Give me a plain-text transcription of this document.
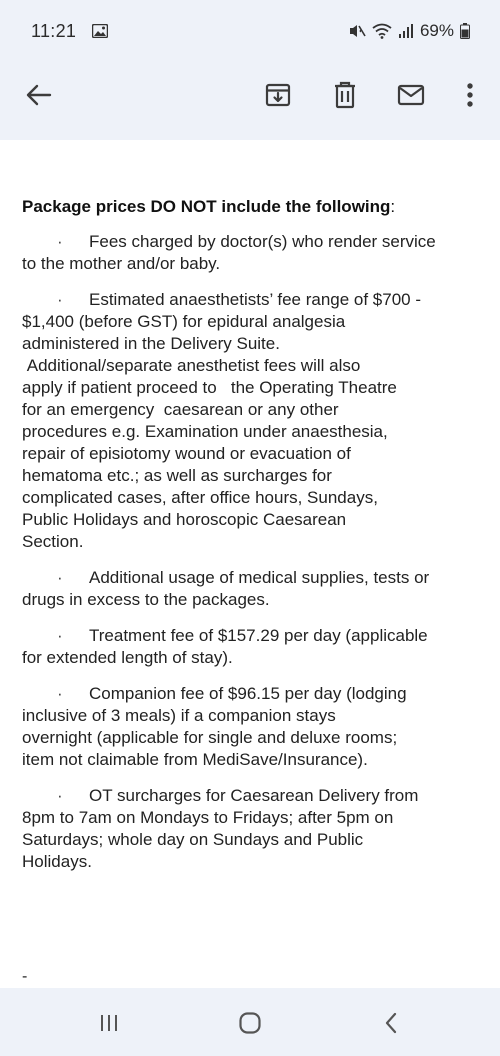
11:21	69%
Package prices DO NOT include the following:
·	Fees charged by doctor(s) who render service

to the mother and/or baby.

·	Estimated anaesthetists’ fee range of $700 -

$1,400 (before GST) for epidural analgesia
administered in the Delivery Suite.
Additional/separate anesthetist fees will also
apply if patient proceed to   the Operating Theatre
for an emergency  caesarean or any other
procedures e.g. Examination under anaesthesia,
repair of episiotomy wound or evacuation of
hematoma etc.; as well as surcharges for
complicated cases, after office hours, Sundays,
Public Holidays and horoscopic Caesarean
Section.

·	Additional usage of medical supplies, tests or

drugs in excess to the packages.

·	Treatment fee of $157.29 per day (applicable

for extended length of stay).

·	Companion fee of $96.15 per day (lodging

inclusive of 3 meals) if a companion stays
overnight (applicable for single and deluxe rooms;
item not claimable from MediSave/Insurance).

·	OT surcharges for Caesarean Delivery from

8pm to 7am on Mondays to Fridays; after 5pm on
Saturdays; whole day on Sundays and Public
Holidays.

-
